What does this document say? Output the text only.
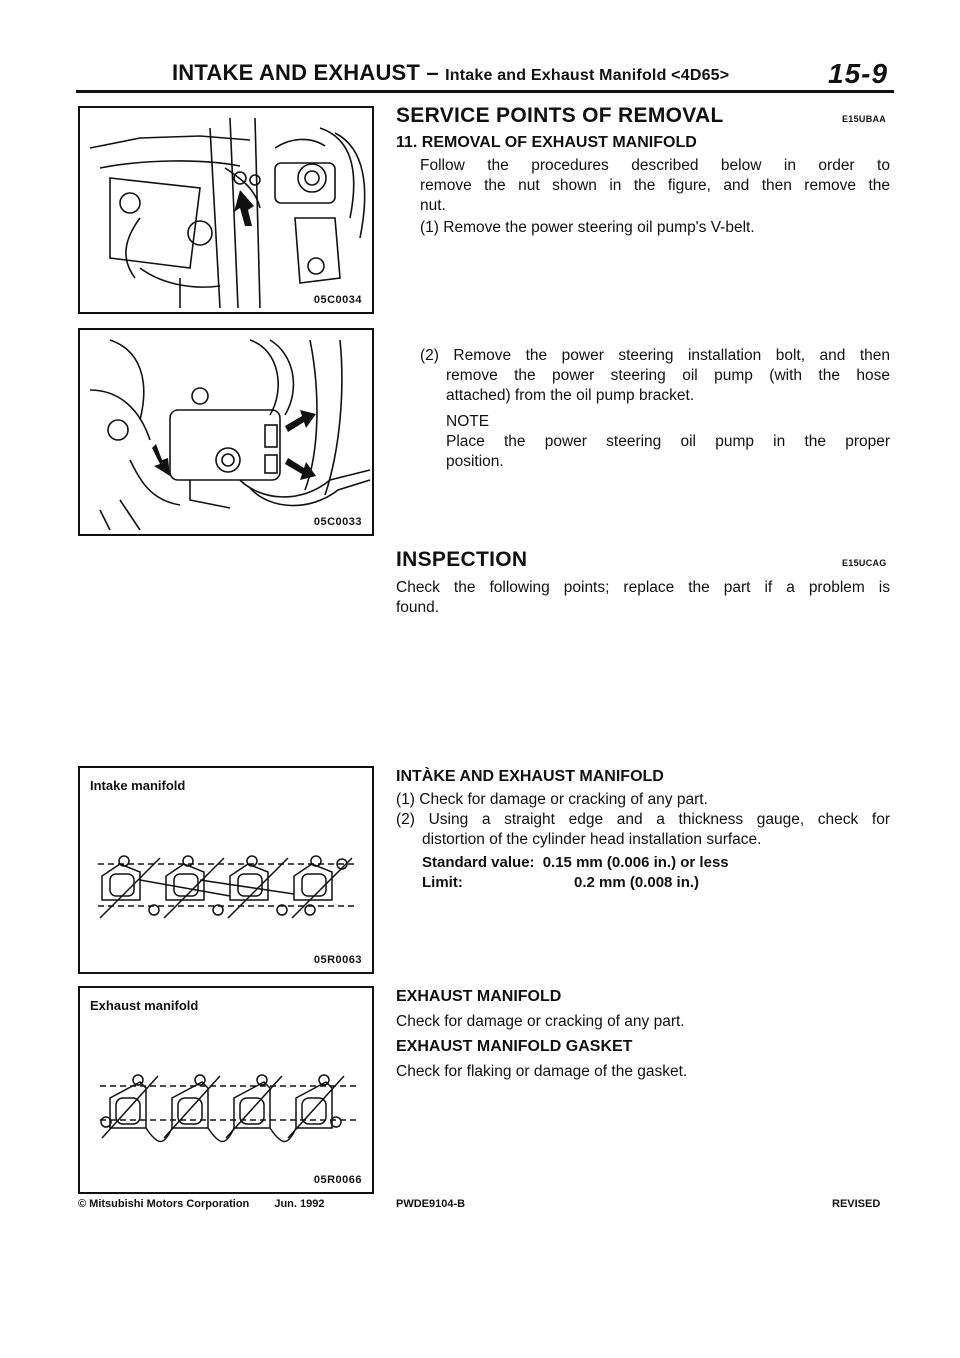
INTAKE AND EXHAUST – Intake and Exhaust Manifold <4D65>	15-9
05C0034
05C0033
Intake manifold
05R0063
Exhaust manifold
05R0066
SERVICE POINTS OF REMOVAL	E15UBAA
11. REMOVAL OF EXHAUST MANIFOLD
Follow the procedures described below in order to
remove the nut shown in the figure, and then remove the
nut.
(1) Remove the power steering oil pump's V-belt.
(2) Remove the power steering installation bolt, and then
remove the power steering oil pump (with the hose
attached) from the oil pump bracket.
NOTE
Place the power steering oil pump in the proper
position.
INSPECTION	E15UCAG
Check the following points; replace the part if a problem is
found.
INTÀKE AND EXHAUST MANIFOLD
(1) Check for damage or cracking of any part.
(2) Using a straight edge and a thickness gauge, check for
distortion of the cylinder head installation surface.
Standard value: 0.15 mm (0.006 in.) or less
Limit:	0.2 mm (0.008 in.)
EXHAUST MANIFOLD
Check for damage or cracking of any part.
EXHAUST MANIFOLD GASKET
Check for flaking or damage of the gasket.
© Mitsubishi Motors Corporation Jun. 1992	PWDE9104-B	REVISED
